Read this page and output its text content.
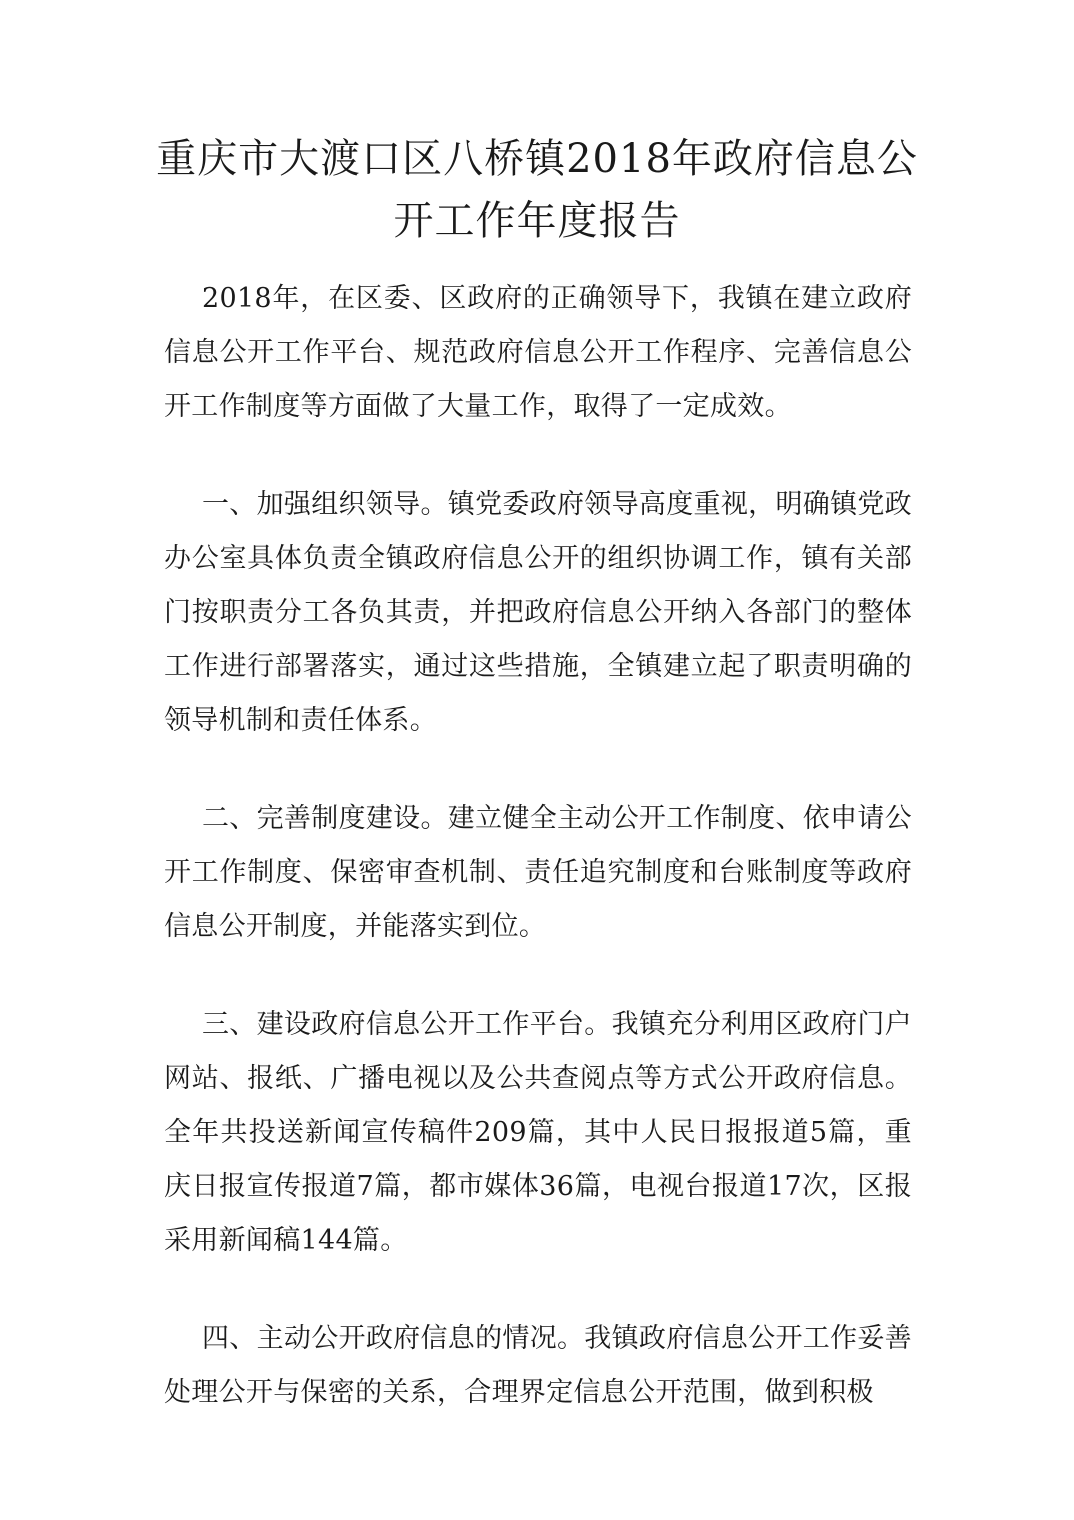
重庆市大渡口区八桥镇2018年政府信息公开工作年度报告

2018年，在区委、区政府的正确领导下，我镇在建立政府信息公开工作平台、规范政府信息公开工作程序、完善信息公开工作制度等方面做了大量工作，取得了一定成效。

一、加强组织领导。镇党委政府领导高度重视，明确镇党政办公室具体负责全镇政府信息公开的组织协调工作，镇有关部门按职责分工各负其责，并把政府信息公开纳入各部门的整体工作进行部署落实，通过这些措施，全镇建立起了职责明确的领导机制和责任体系。

二、完善制度建设。建立健全主动公开工作制度、依申请公开工作制度、保密审查机制、责任追究制度和台账制度等政府信息公开制度，并能落实到位。

三、建设政府信息公开工作平台。我镇充分利用区政府门户网站、报纸、广播电视以及公共查阅点等方式公开政府信息。全年共投送新闻宣传稿件209篇，其中人民日报报道5篇，重庆日报宣传报道7篇，都市媒体36篇，电视台报道17次，区报采用新闻稿144篇。

四、主动公开政府信息的情况。我镇政府信息公开工作妥善处理公开与保密的关系，合理界定信息公开范围，做到积极
